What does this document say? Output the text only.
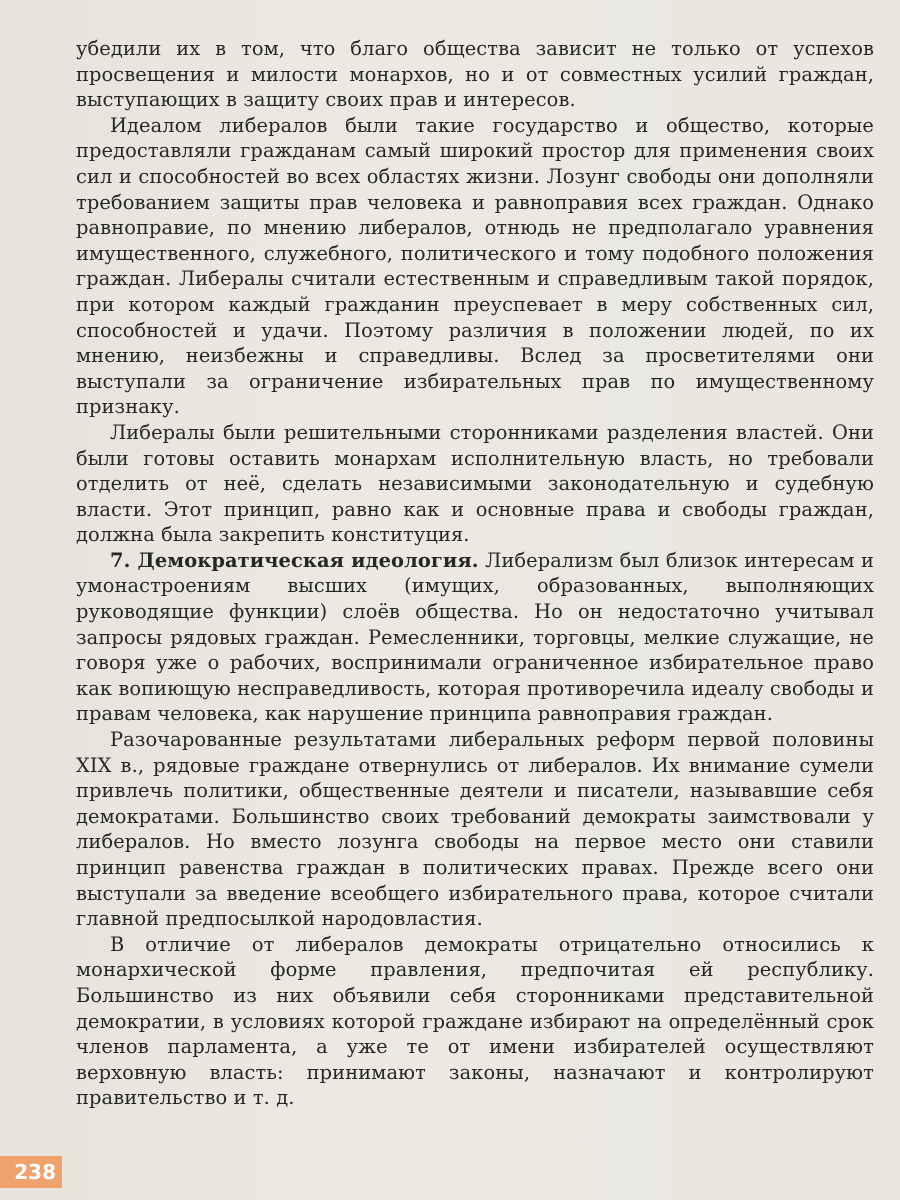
убедили их в том, что благо общества зависит не только от успехов просвещения и милости монархов, но и от совместных усилий граждан, выступающих в защиту своих прав и интересов.

Идеалом либералов были такие государство и общество, которые предоставляли гражданам самый широкий простор для применения своих сил и способностей во всех областях жизни. Лозунг свободы они дополняли требованием защиты прав человека и равноправия всех граждан. Однако равноправие, по мнению либералов, отнюдь не предполагало уравнения имущественного, служебного, политического и тому подобного положения граждан. Либералы считали естественным и справедливым такой порядок, при котором каждый гражданин преуспевает в меру собственных сил, способностей и удачи. Поэтому различия в положении людей, по их мнению, неизбежны и справедливы. Вслед за просветителями они выступали за ограничение избирательных прав по имущественному признаку.

Либералы были решительными сторонниками разделения властей. Они были готовы оставить монархам исполнительную власть, но требовали отделить от неё, сделать независимыми законодательную и судебную власти. Этот принцип, равно как и основные права и свободы граждан, должна была закрепить конституция.

7. Демократическая идеология. Либерализм был близок интересам и умонастроениям высших (имущих, образованных, выполняющих руководящие функции) слоёв общества. Но он недостаточно учитывал запросы рядовых граждан. Ремесленники, торговцы, мелкие служащие, не говоря уже о рабочих, воспринимали ограниченное избирательное право как вопиющую несправедливость, которая противоречила идеалу свободы и правам человека, как нарушение принципа равноправия граждан.

Разочарованные результатами либеральных реформ первой половины XIX в., рядовые граждане отвернулись от либералов. Их внимание сумели привлечь политики, общественные деятели и писатели, называвшие себя демократами. Большинство своих требований демократы заимствовали у либералов. Но вместо лозунга свободы на первое место они ставили принцип равенства граждан в политических правах. Прежде всего они выступали за введение всеобщего избирательного права, которое считали главной предпосылкой народовластия.

В отличие от либералов демократы отрицательно относились к монархической форме правления, предпочитая ей республику. Большинство из них объявили себя сторонниками представительной демократии, в условиях которой граждане избирают на определённый срок членов парламента, а уже те от имени избирателей осуществляют верховную власть: принимают законы, назначают и контролируют правительство и т. д.

238
